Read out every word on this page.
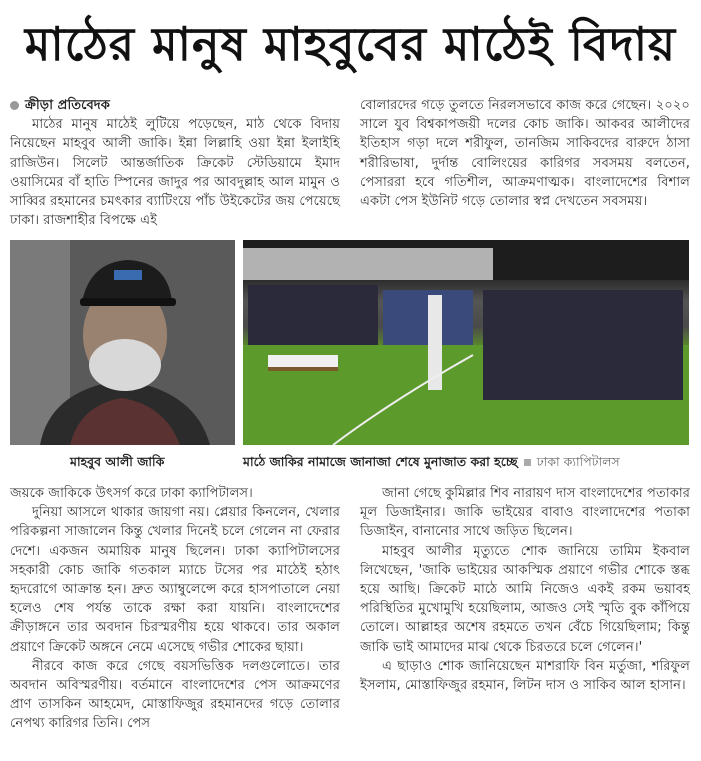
মাঠের মানুষ মাহবুবের মাঠেই বিদায়

ক্রীড়া প্রতিবেদক

মাঠের মানুষ মাঠেই লুটিয়ে পড়েছেন, মাঠ থেকে বিদায় নিয়েছেন মাহবুব আলী জাকি। ইন্না লিল্লাহি ওয়া ইন্না ইলাইহি রাজিউন। সিলেট আন্তর্জাতিক ক্রিকেট স্টেডিয়ামে ইমাদ ওয়াসিমের বাঁ হাতি স্পিনের জাদুর পর আবদুল্লাহ আল মামুন ও সাব্বির রহমানের চমৎকার ব্যাটিংয়ে পাঁচ উইকেটের জয় পেয়েছে ঢাকা। রাজশাহীর বিপক্ষে এই

বোলারদের গড়ে তুলতে নিরলসভাবে কাজ করে গেছেন। ২০২০ সালে যুব বিশ্বকাপজয়ী দলের কোচ জাকি। আকবর আলীদের ইতিহাস গড়া দলে শরীফুল, তানজিম সাকিবদের বারুদে ঠাসা শরীরিভাষা, দুর্দান্ত বোলিংয়ের কারিগর সবসময় বলতেন, পেসাররা হবে গতিশীল, আক্রমণাত্মক। বাংলাদেশের বিশাল একটা পেস ইউনিট গড়ে তোলার স্বপ্ন দেখতেন সবসময়।

মাহবুব আলী জাকি	মাঠে জাকির নামাজে জানাজা শেষে মুনাজাত করা হচ্ছে ঢাকা ক্যাপিটালস

জয়কে জাকিকে উৎসর্গ করে ঢাকা ক্যাপিটালস।

দুনিয়া আসলে থাকার জায়গা নয়। প্লেয়ার কিনলেন, খেলার পরিকল্পনা সাজালেন কিন্তু খেলার দিনেই চলে গেলেন না ফেরার দেশে। একজন অমায়িক মানুষ ছিলেন। ঢাকা ক্যাপিটালসের সহকারী কোচ জাকি গতকাল ম্যাচে টসের পর মাঠেই হঠাৎ হৃদরোগে আক্রান্ত হন। দ্রুত অ্যাম্বুলেন্সে করে হাসপাতালে নেয়া হলেও শেষ পর্যন্ত তাকে রক্ষা করা যায়নি। বাংলাদেশের ক্রীড়াঙ্গনে তার অবদান চিরস্মরণীয় হয়ে থাকবে। তার অকাল প্রয়াণে ক্রিকেট অঙ্গনে নেমে এসেছে গভীর শোকের ছায়া।

নীরবে কাজ করে গেছে বয়সভিত্তিক দলগুলোতে। তার অবদান অবিস্মরণীয়। বর্তমানে বাংলাদেশের পেস আক্রমণের প্রাণ তাসকিন আহমেদ, মোস্তাফিজুর রহমানদের গড়ে তোলার নেপথ্য কারিগর তিনি। পেস

জানা গেছে কুমিল্লার শিব নারায়ণ দাস বাংলাদেশের পতাকার মূল ডিজাইনার। জাকি ভাইয়ের বাবাও বাংলাদেশের পতাকা ডিজাইন, বানানোর সাথে জড়িত ছিলেন।

মাহবুব আলীর মৃত্যুতে শোক জানিয়ে তামিম ইকবাল লিখেছেন, 'জাকি ভাইয়ের আকস্মিক প্রয়াণে গভীর শোকে স্তব্ধ হয়ে আছি। ক্রিকেট মাঠে আমি নিজেও একই রকম ভয়াবহ পরিস্থিতির মুখোমুখি হয়েছিলাম, আজও সেই স্মৃতি বুক কাঁপিয়ে তোলে। আল্লাহর অশেষ রহমতে তখন বেঁচে গিয়েছিলাম; কিন্তু জাকি ভাই আমাদের মাঝ থেকে চিরতরে চলে গেলেন।'

এ ছাড়াও শোক জানিয়েছেন মাশরাফি বিন মর্তুজা, শরিফুল ইসলাম, মোস্তাফিজুর রহমান, লিটন দাস ও সাকিব আল হাসান।
